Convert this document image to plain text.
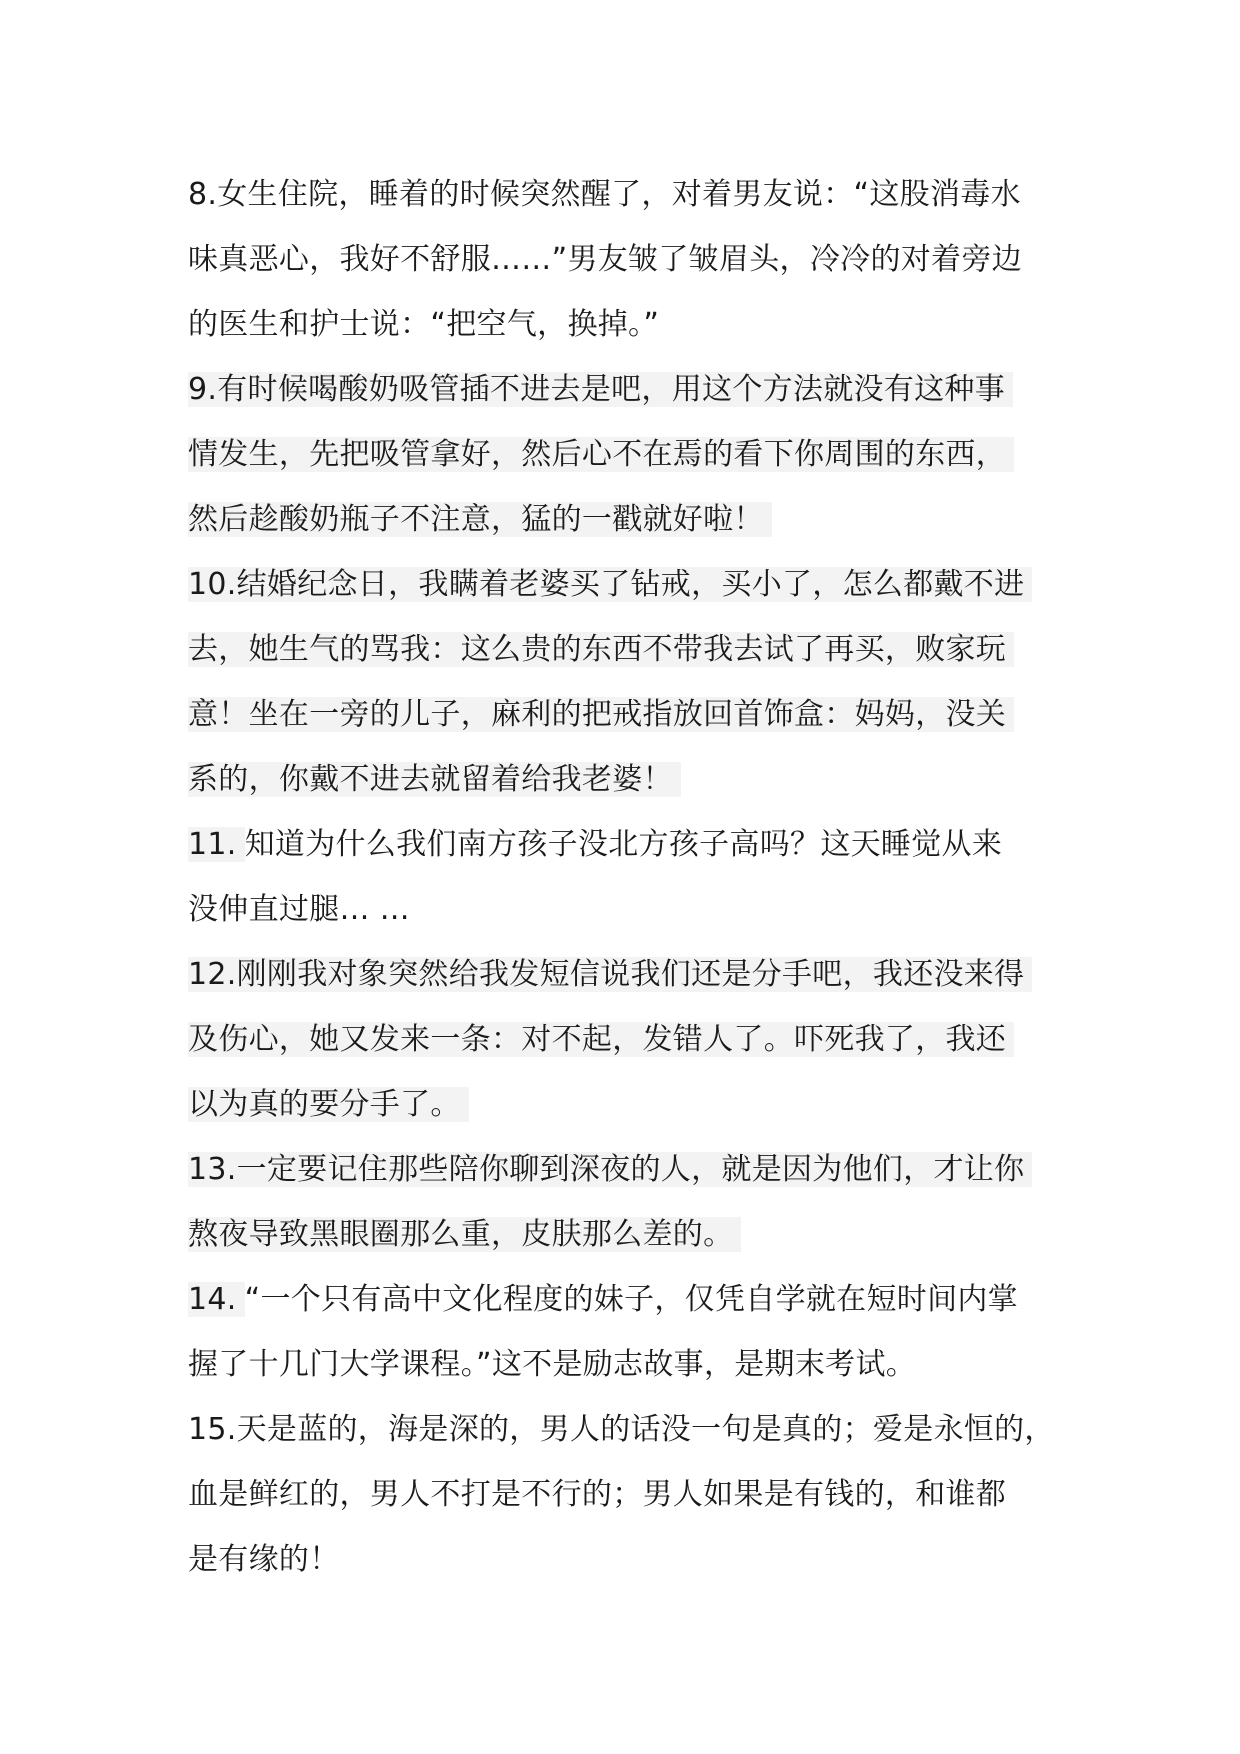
8.女生住院，睡着的时候突然醒了，对着男友说：“这股消毒水
味真恶心，我好不舒服……”男友皱了皱眉头，冷冷的对着旁边
的医生和护士说：“把空气，换掉。”
9.有时候喝酸奶吸管插不进去是吧，用这个方法就没有这种事
情发生，先把吸管拿好，然后心不在焉的看下你周围的东西，
然后趁酸奶瓶子不注意，猛的一戳就好啦！
10.结婚纪念日，我瞒着老婆买了钻戒，买小了，怎么都戴不进
去，她生气的骂我：这么贵的东西不带我去试了再买，败家玩
意！坐在一旁的儿子，麻利的把戒指放回首饰盒：妈妈，没关
系的，你戴不进去就留着给我老婆！
11. 知道为什么我们南方孩子没北方孩子高吗？这天睡觉从来
没伸直过腿… …
12.刚刚我对象突然给我发短信说我们还是分手吧，我还没来得
及伤心，她又发来一条：对不起，发错人了。吓死我了，我还
以为真的要分手了。
13.一定要记住那些陪你聊到深夜的人，就是因为他们，才让你
熬夜导致黑眼圈那么重，皮肤那么差的。
14. “一个只有高中文化程度的妹子，仅凭自学就在短时间内掌
握了十几门大学课程。”这不是励志故事，是期末考试。
15.天是蓝的，海是深的，男人的话没一句是真的；爱是永恒的，
血是鲜红的，男人不打是不行的；男人如果是有钱的，和谁都
是有缘的！
